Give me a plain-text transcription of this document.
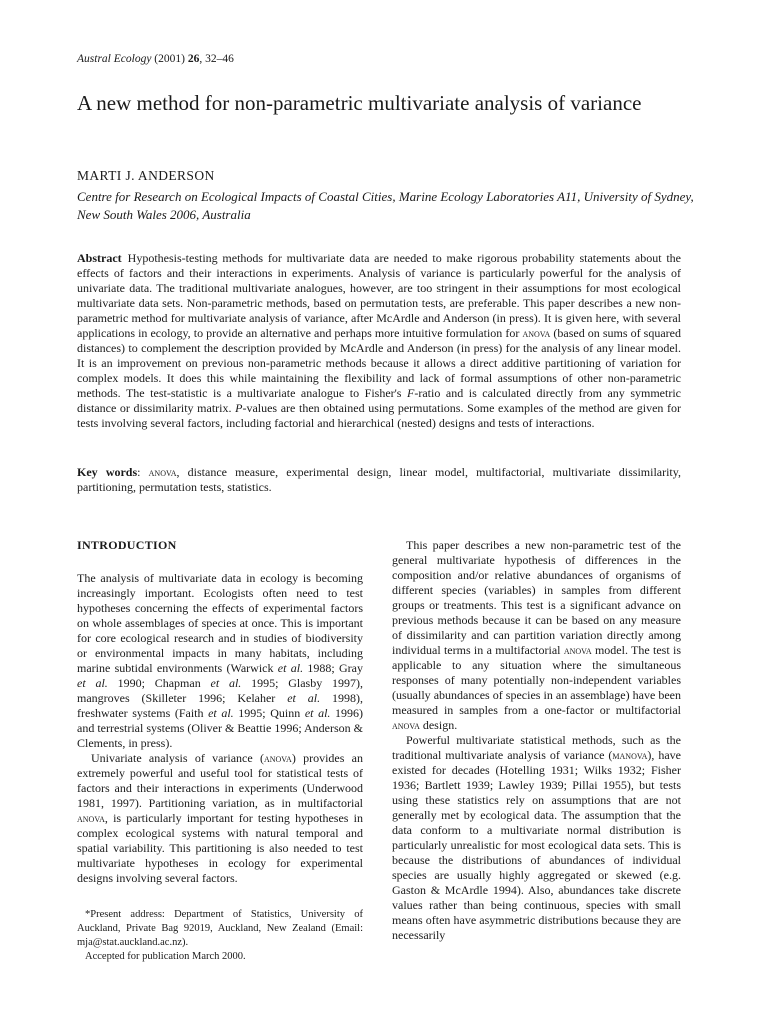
Austral Ecology (2001) 26, 32–46
A new method for non-parametric multivariate analysis of variance
MARTI J. ANDERSON
Centre for Research on Ecological Impacts of Coastal Cities, Marine Ecology Laboratories A11, University of Sydney, New South Wales 2006, Australia

Abstract Hypothesis-testing methods for multivariate data are needed to make rigorous probability statements about the effects of factors and their interactions in experiments. Analysis of variance is particularly powerful for the analysis of univariate data. The traditional multivariate analogues, however, are too stringent in their assumptions for most ecological multivariate data sets. Non-parametric methods, based on permutation tests, are preferable. This paper describes a new non-parametric method for multivariate analysis of variance, after McArdle and Anderson (in press). It is given here, with several applications in ecology, to provide an alternative and perhaps more intuitive formulation for anova (based on sums of squared distances) to complement the description provided by McArdle and Anderson (in press) for the analysis of any linear model. It is an improvement on previous non-parametric methods because it allows a direct additive partitioning of variation for complex models. It does this while maintaining the flexibility and lack of formal assumptions of other non-parametric methods. The test-statistic is a multivariate analogue to Fisher's F-ratio and is calculated directly from any symmetric distance or dissimilarity matrix. P-values are then obtained using permutations. Some examples of the method are given for tests involving several factors, including factorial and hierarchical (nested) designs and tests of interactions.

Key words: anova, distance measure, experimental design, linear model, multifactorial, multivariate dissimilarity, partitioning, permutation tests, statistics.

INTRODUCTION

The analysis of multivariate data in ecology is becoming increasingly important. Ecologists often need to test hypotheses concerning the effects of experimental factors on whole assemblages of species at once. This is important for core ecological research and in studies of biodiversity or environmental impacts in many habitats, including marine subtidal environments (Warwick et al. 1988; Gray et al. 1990; Chapman et al. 1995; Glasby 1997), mangroves (Skilleter 1996; Kelaher et al. 1998), freshwater systems (Faith et al. 1995; Quinn et al. 1996) and terrestrial systems (Oliver & Beattie 1996; Anderson & Clements, in press).

Univariate analysis of variance (anova) provides an extremely powerful and useful tool for statistical tests of factors and their interactions in experiments (Underwood 1981, 1997). Partitioning variation, as in multifactorial anova, is particularly important for testing hypotheses in complex ecological systems with natural temporal and spatial variability. This partitioning is also needed to test multivariate hypotheses in ecology for experimental designs involving several factors.

*Present address: Department of Statistics, University of Auckland, Private Bag 92019, Auckland, New Zealand (Email: mja@stat.auckland.ac.nz).

Accepted for publication March 2000.

This paper describes a new non-parametric test of the general multivariate hypothesis of differences in the composition and/or relative abundances of organisms of different species (variables) in samples from different groups or treatments. This test is a significant advance on previous methods because it can be based on any measure of dissimilarity and can partition variation directly among individual terms in a multifactorial anova model. The test is applicable to any situation where the simultaneous responses of many potentially non-independent variables (usually abundances of species in an assemblage) have been measured in samples from a one-factor or multifactorial anova design.

Powerful multivariate statistical methods, such as the traditional multivariate analysis of variance (manova), have existed for decades (Hotelling 1931; Wilks 1932; Fisher 1936; Bartlett 1939; Lawley 1939; Pillai 1955), but tests using these statistics rely on assumptions that are not generally met by ecological data. The assumption that the data conform to a multivariate normal distribution is particularly unrealistic for most ecological data sets. This is because the distributions of abundances of individual species are usually highly aggregated or skewed (e.g. Gaston & McArdle 1994). Also, abundances take discrete values rather than being continuous, species with small means often have asymmetric distributions because they are necessarily
